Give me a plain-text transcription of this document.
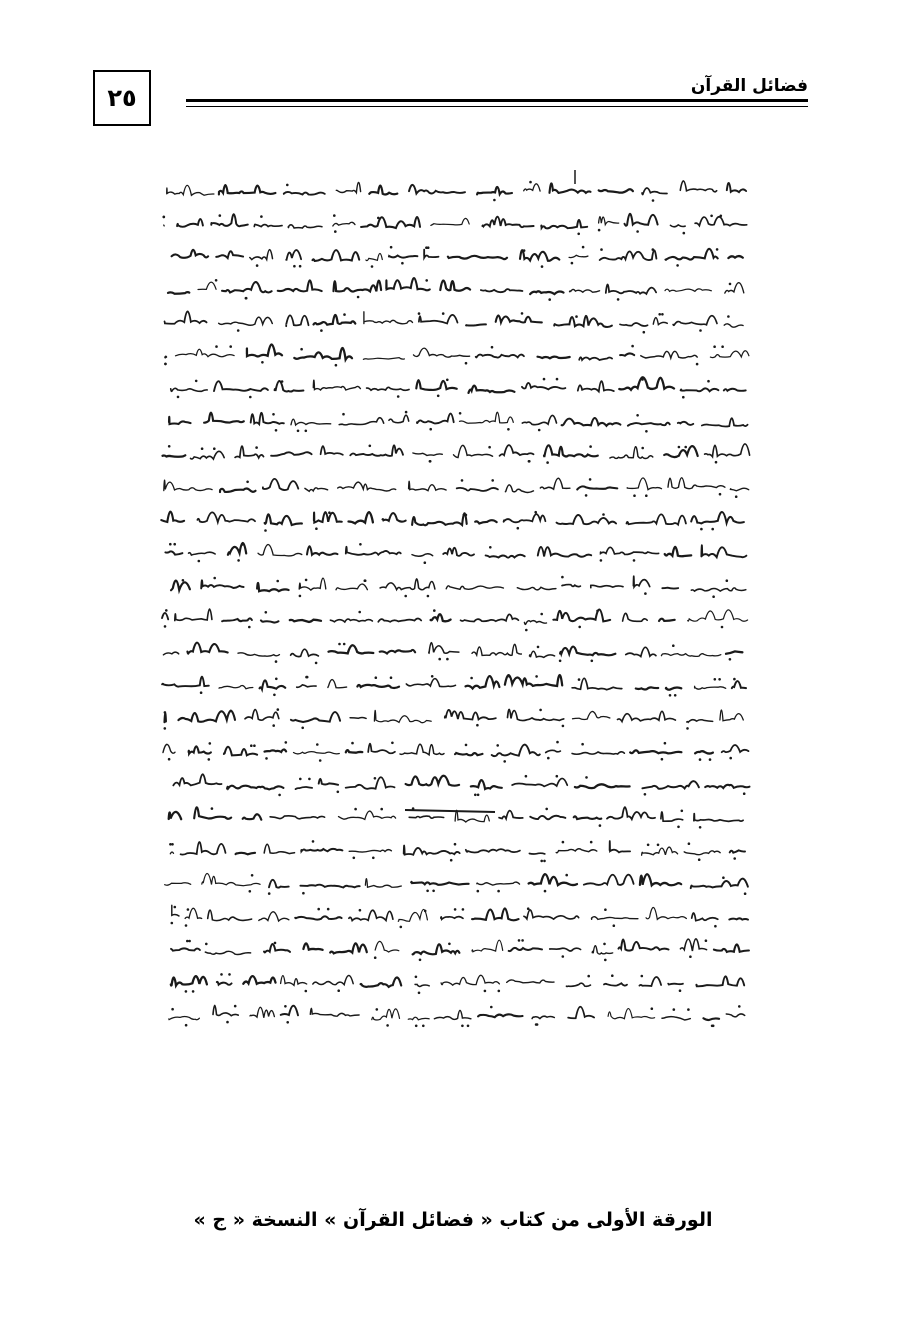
٢٥	فضائل القرآن
الورقة الأولى من كتاب « فضائل القرآن » النسخة « ج »
